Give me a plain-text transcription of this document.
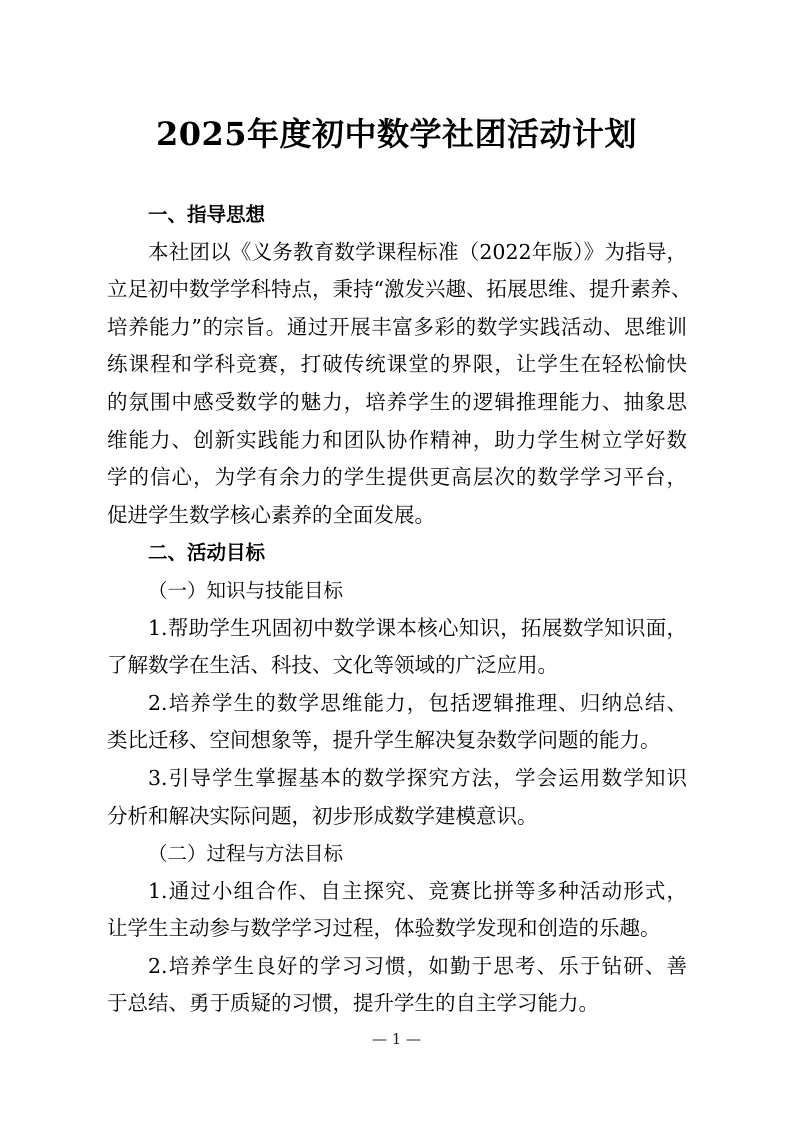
2025年度初中数学社团活动计划
一、指导思想
本社团以《义务教育数学课程标准（2022年版）》为指导，
立足初中数学学科特点，秉持“激发兴趣、拓展思维、提升素养、
培养能力”的宗旨。通过开展丰富多彩的数学实践活动、思维训
练课程和学科竞赛，打破传统课堂的界限，让学生在轻松愉快
的氛围中感受数学的魅力，培养学生的逻辑推理能力、抽象思
维能力、创新实践能力和团队协作精神，助力学生树立学好数
学的信心，为学有余力的学生提供更高层次的数学学习平台，
促进学生数学核心素养的全面发展。
二、活动目标
（一）知识与技能目标
1.帮助学生巩固初中数学课本核心知识，拓展数学知识面，
了解数学在生活、科技、文化等领域的广泛应用。
2.培养学生的数学思维能力，包括逻辑推理、归纳总结、
类比迁移、空间想象等，提升学生解决复杂数学问题的能力。
3.引导学生掌握基本的数学探究方法，学会运用数学知识
分析和解决实际问题，初步形成数学建模意识。
（二）过程与方法目标
1.通过小组合作、自主探究、竞赛比拼等多种活动形式，
让学生主动参与数学学习过程，体验数学发现和创造的乐趣。
2.培养学生良好的学习习惯，如勤于思考、乐于钻研、善
于总结、勇于质疑的习惯，提升学生的自主学习能力。
— 1 —
